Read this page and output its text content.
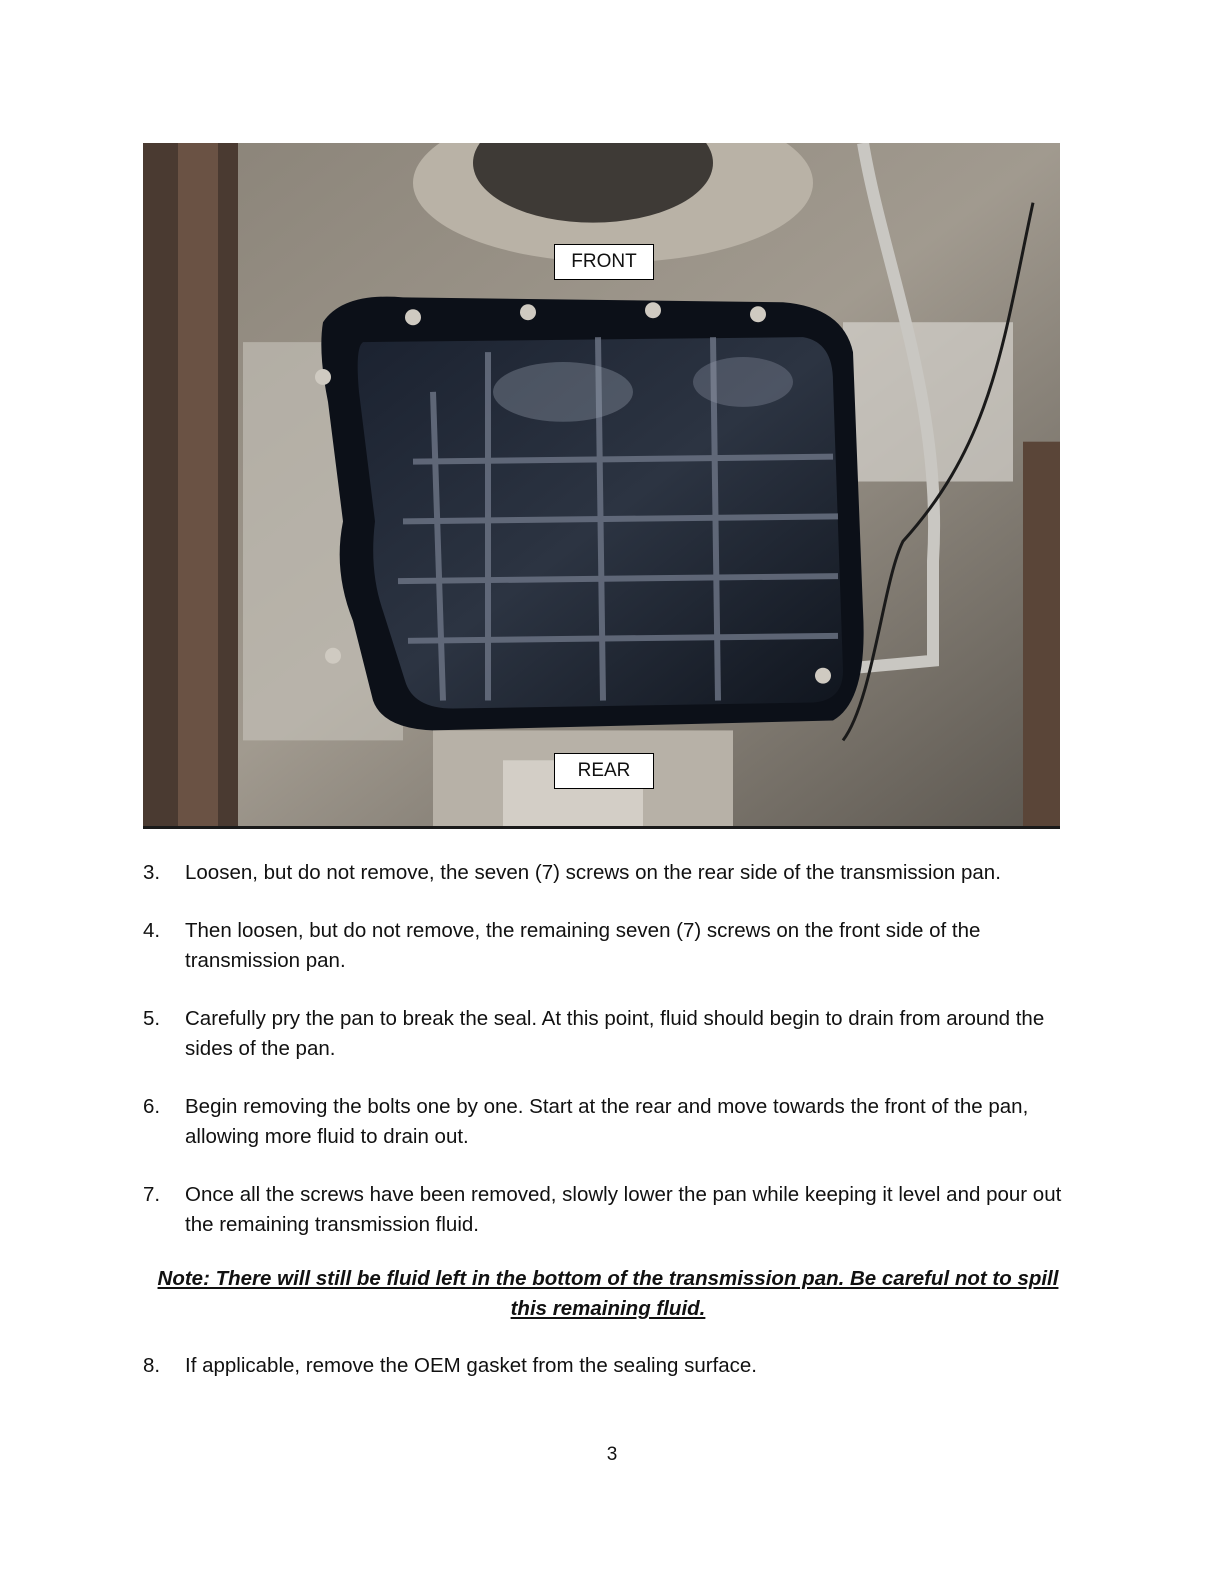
FRONT
REAR
3. Loosen, but do not remove, the seven (7) screws on the rear side of the transmission pan.
4. Then loosen, but do not remove, the remaining seven (7) screws on the front side of the transmission pan.
5. Carefully pry the pan to break the seal. At this point, fluid should begin to drain from around the sides of the pan.
6. Begin removing the bolts one by one. Start at the rear and move towards the front of the pan, allowing more fluid to drain out.
7. Once all the screws have been removed, slowly lower the pan while keeping it level and pour out the remaining transmission fluid.
Note: There will still be fluid left in the bottom of the transmission pan. Be careful not to spill this remaining fluid.
8. If applicable, remove the OEM gasket from the sealing surface.
3
